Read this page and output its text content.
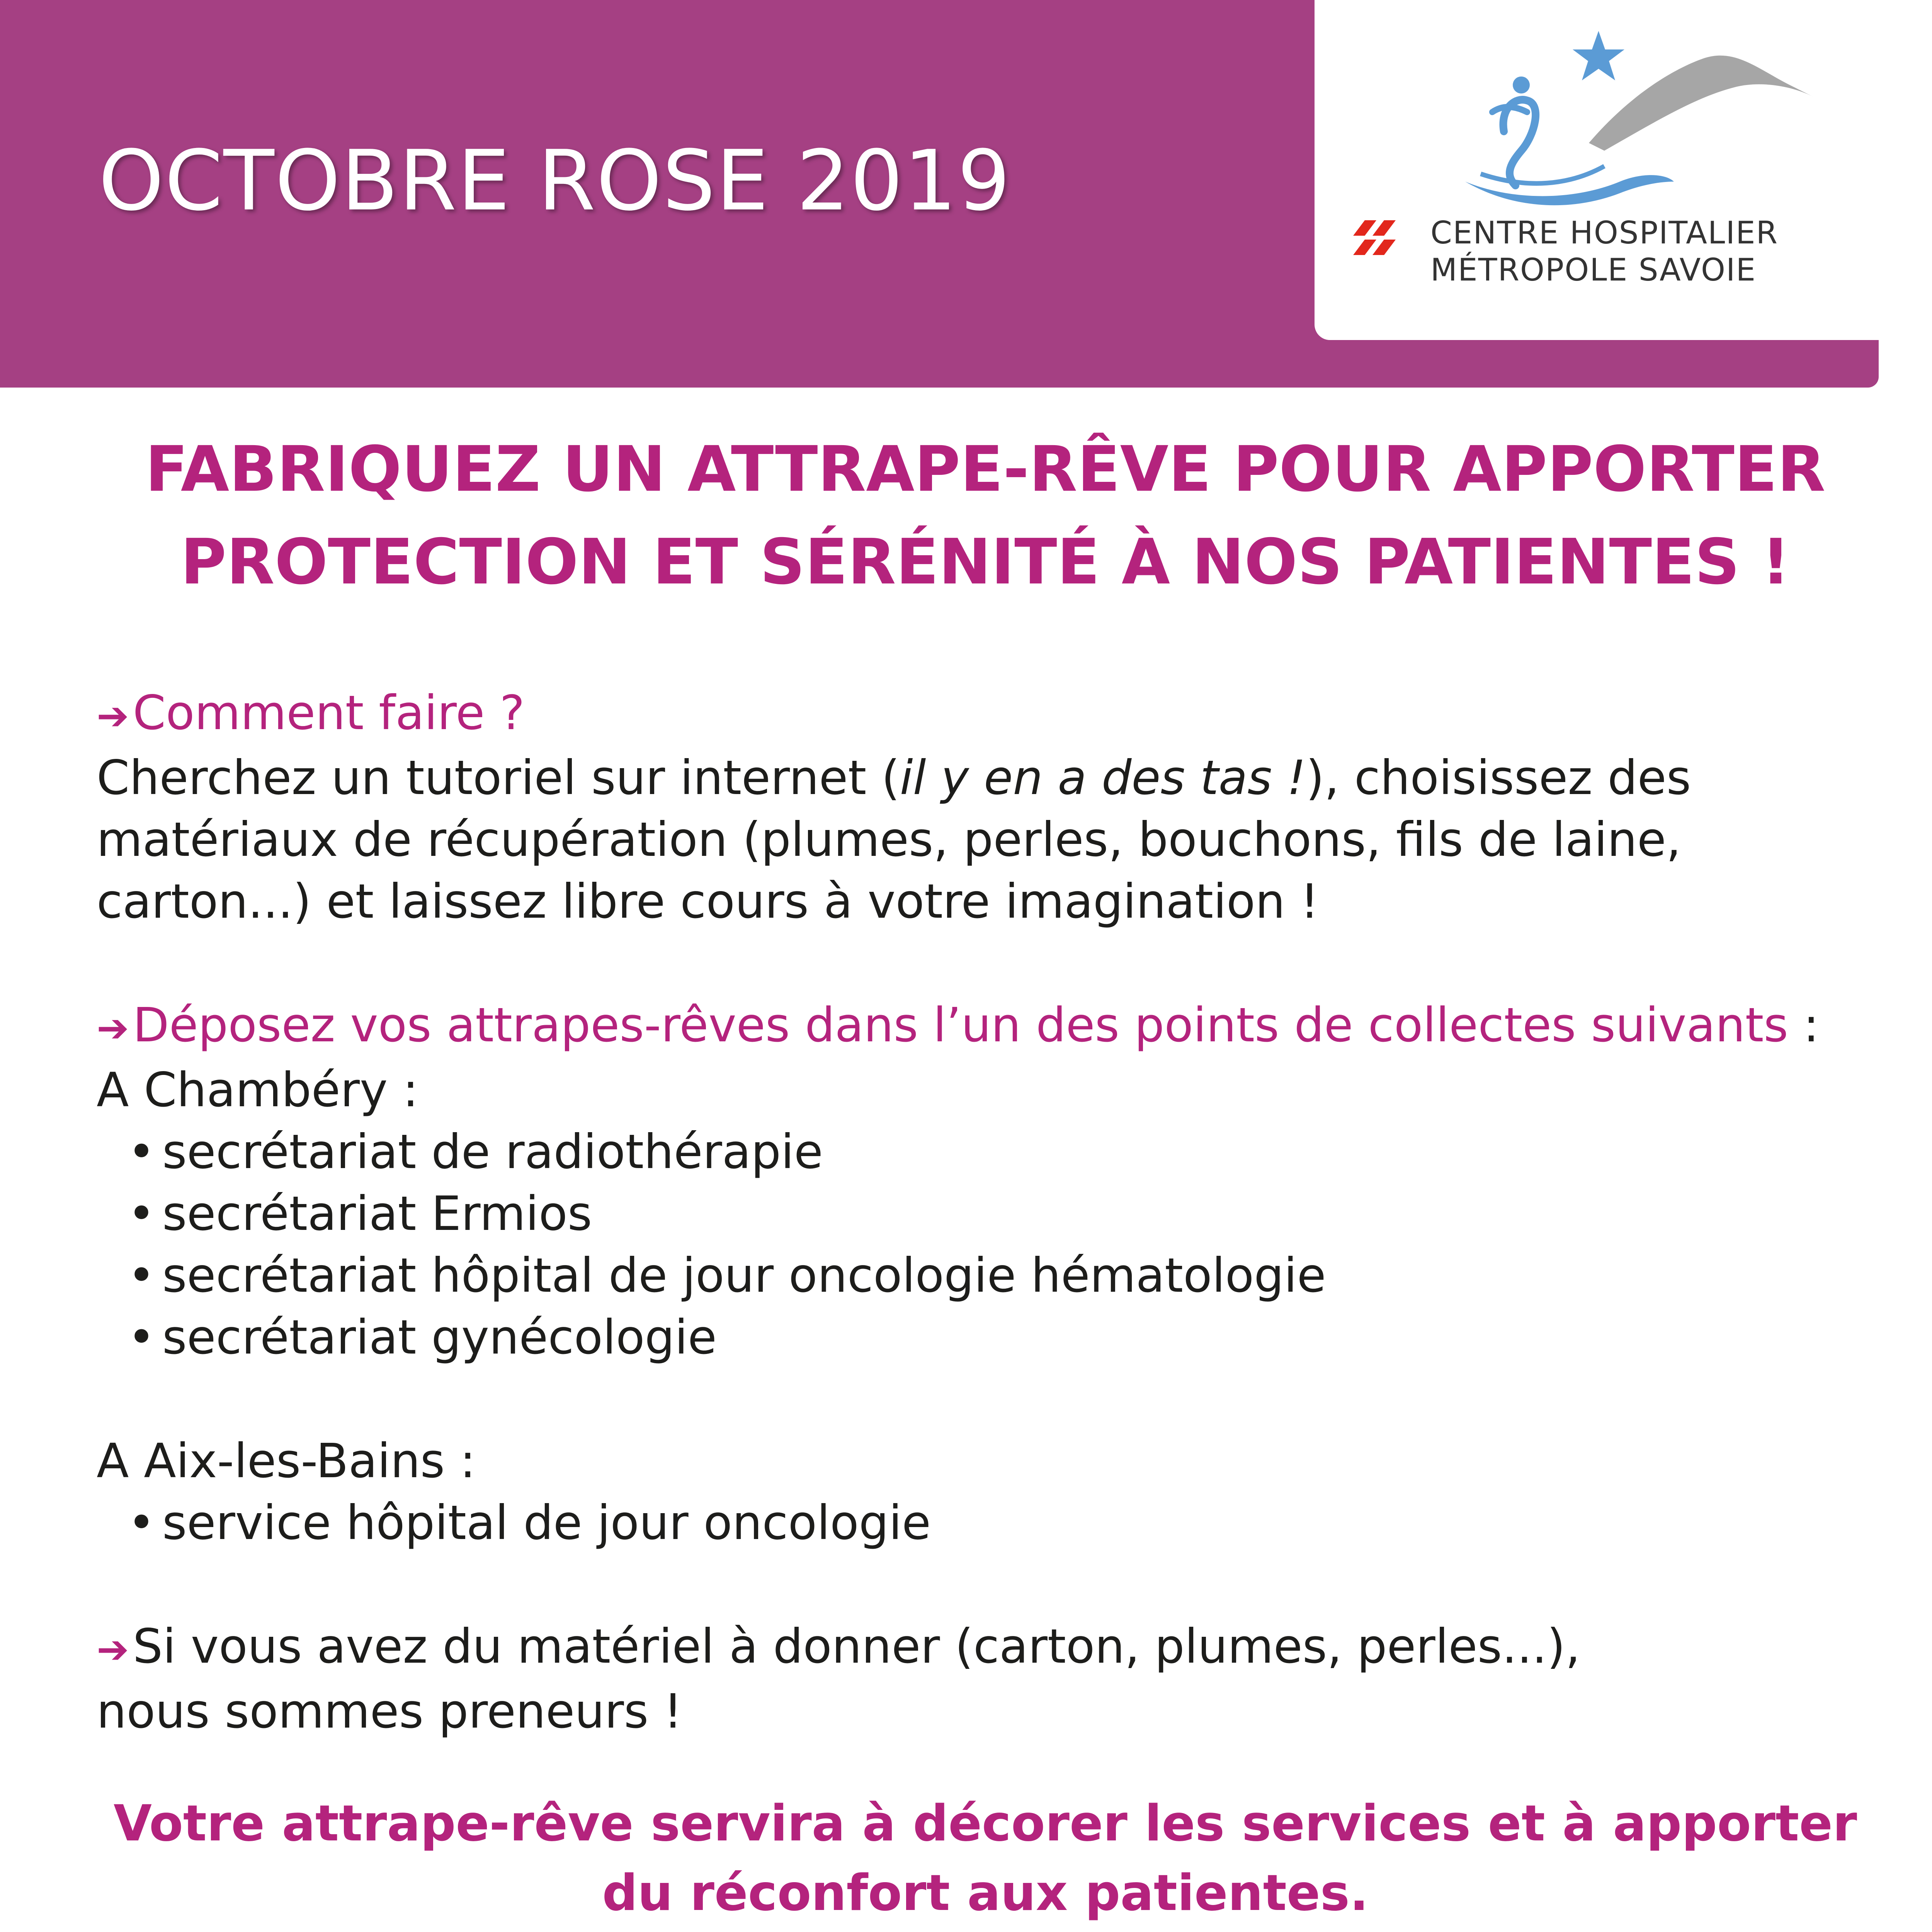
OCTOBRE ROSE 2019
CENTRE HOSPITALIER
MÉTROPOLE SAVOIE
FABRIQUEZ UN ATTRAPE-RÊVE POUR APPORTER
PROTECTION ET SÉRÉNITÉ À NOS PATIENTES !
➔Comment faire ?

Cherchez un tutoriel sur internet (il y en a des tas !), choisissez des matériaux de récupération (plumes, perles, bouchons, fils de laine, carton...) et laissez libre cours à votre imagination !

➔Déposez vos attrapes-rêves dans l’un des points de collectes suivants :
A Chambéry :
• secrétariat de radiothérapie
• secrétariat Ermios
• secrétariat hôpital de jour oncologie hématologie
• secrétariat gynécologie
A Aix-les-Bains :
• service hôpital de jour oncologie
➔Si vous avez du matériel à donner (carton, plumes, perles...),
nous sommes preneurs !

Votre attrape-rêve servira à décorer les services et à apporter
du réconfort aux patientes.
